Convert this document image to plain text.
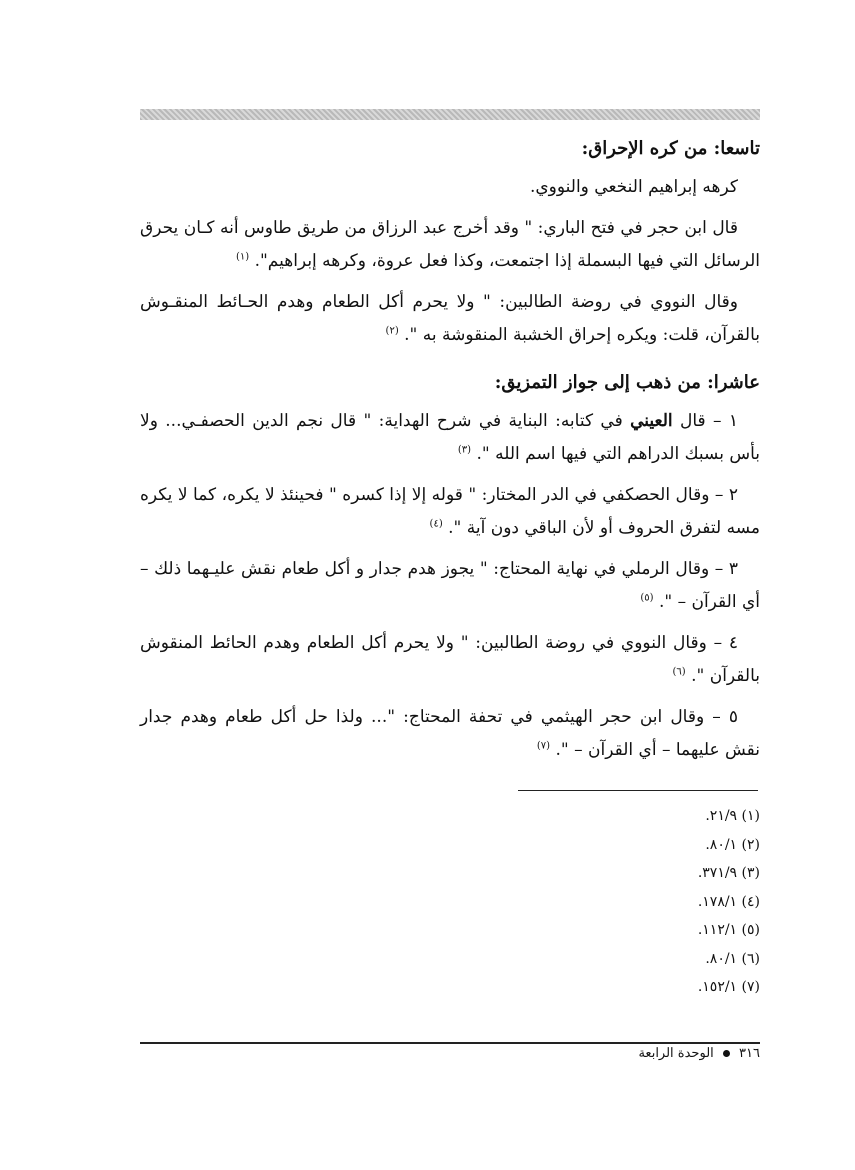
تاسعا: من كره الإحراق:

كرهه إبراهيم النخعي والنووي.

قال ابن حجر في فتح الباري: " وقد أخرج عبد الرزاق من طريق طاوس أنه كـان يحرق الرسائل التي فيها البسملة إذا اجتمعت، وكذا فعل عروة، وكرهه إبراهيم". $^{(١)}$

وقال النووي في روضة الطالبين: " ولا يحرم أكل الطعام وهدم الحـائط المنقـوش بالقرآن، قلت: ويكره إحراق الخشبة المنقوشة به ". $^{(٢)}$

عاشرا: من ذهب إلى جواز التمزيق:

١ – قال العيني في كتابه: البناية في شرح الهداية: " قال نجم الدين الحصفـي... ولا بأس بسبك الدراهم التي فيها اسم الله ". $^{(٣)}$

٢ – وقال الحصكفي في الدر المختار: " قوله إلا إذا كسره " فحينئذ لا يكره، كما لا يكره مسه لتفرق الحروف أو لأن الباقي دون آية ". $^{(٤)}$

٣ – وقال الرملي في نهاية المحتاج: " يجوز هدم جدار و أكل طعام نقش عليـهما ذلك – أي القرآن – ". $^{(٥)}$

٤ – وقال النووي في روضة الطالبين: " ولا يحرم أكل الطعام وهدم الحائط المنقوش بالقرآن ". $^{(٦)}$

٥ – وقال ابن حجر الهيثمي في تحفة المحتاج: "... ولذا حل أكل طعام وهدم جدار نقش عليهما – أي القرآن – ". $^{(٧)}$

(١) ٢١/٩.
(٢) ٨٠/١.
(٣) ٣٧١/٩.
(٤) ١٧٨/١.
(٥) ١١٢/١.
(٦) ٨٠/١.
(٧) ١٥٢/١.
٣١٦  الوحدة الرابعة
